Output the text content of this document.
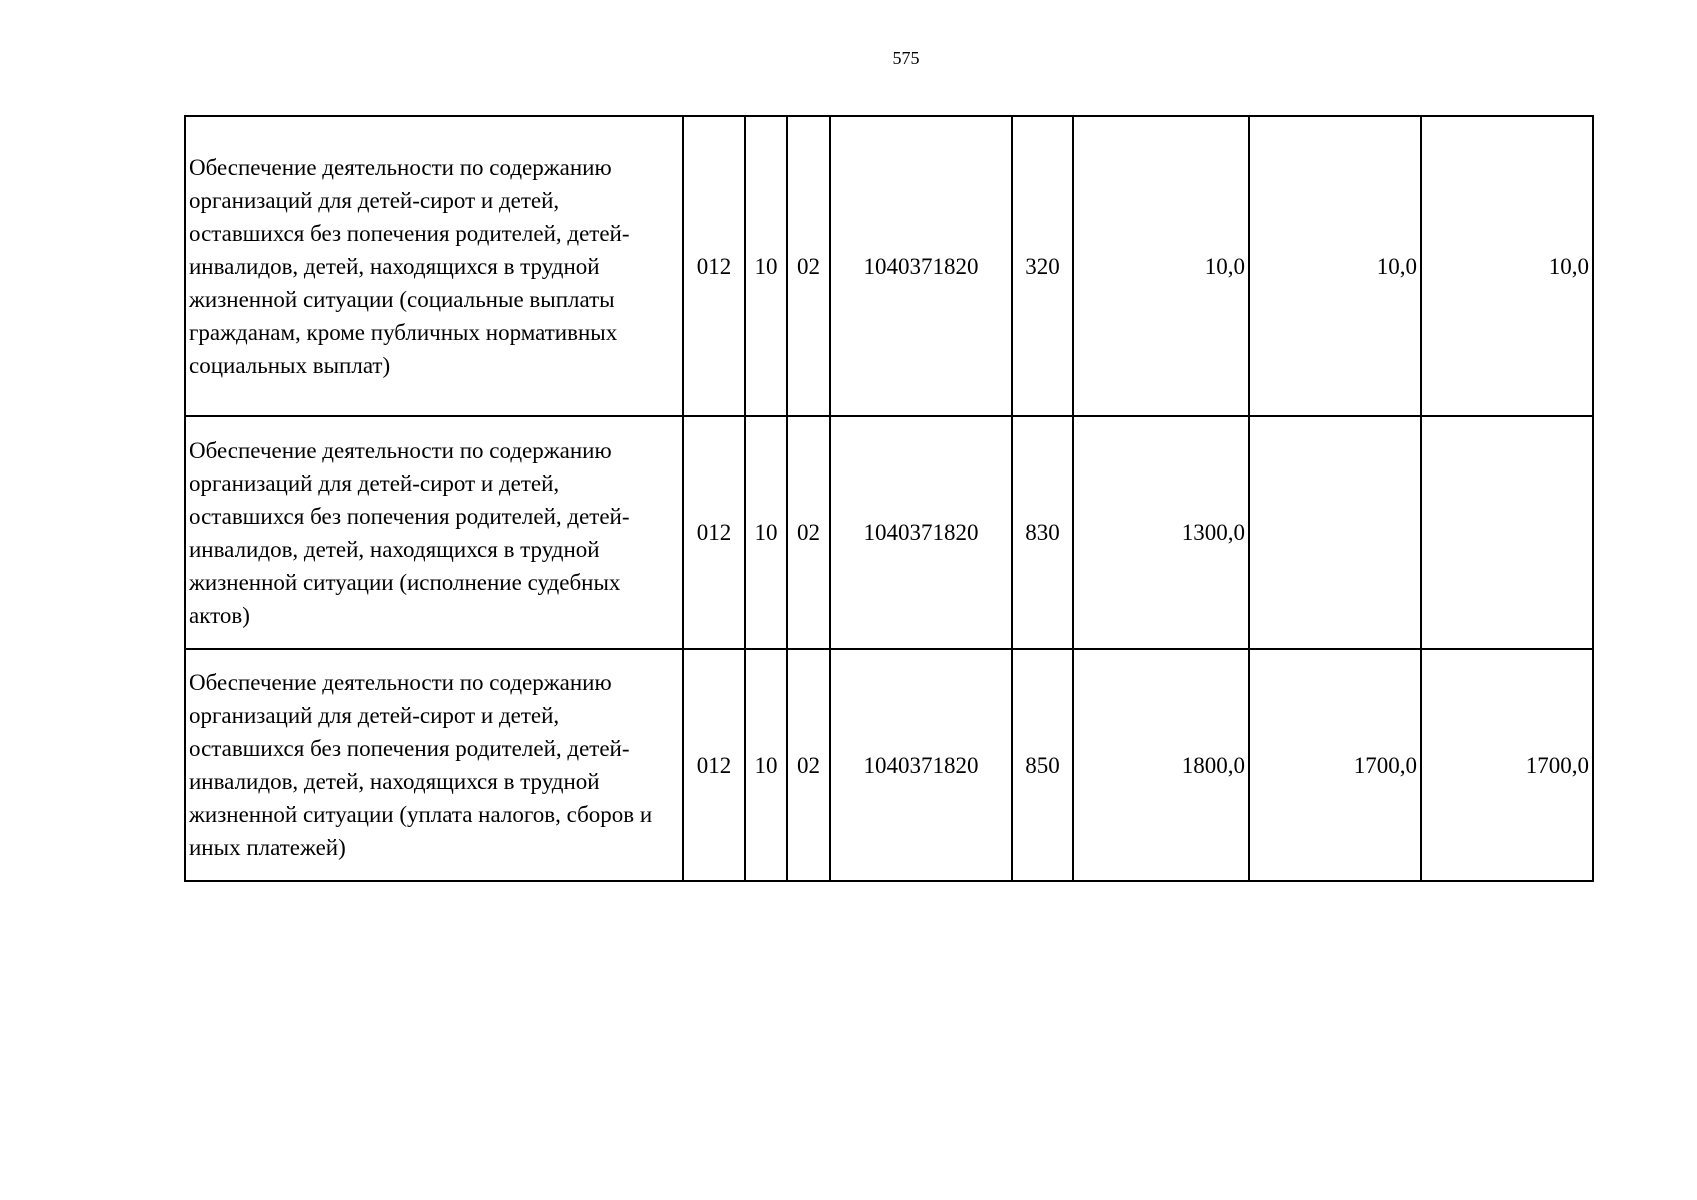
575
Обеспечение деятельности по содержанию организаций для детей-сирот и детей, оставшихся без попечения родителей, детей-инвалидов, детей, находящихся в трудной жизненной ситуации (социальные выплаты гражданам, кроме публичных нормативных социальных выплат)	012	10	02	1040371820	320	10,0	10,0	10,0
Обеспечение деятельности по содержанию организаций для детей-сирот и детей, оставшихся без попечения родителей, детей-инвалидов, детей, находящихся в трудной жизненной ситуации (исполнение судебных актов)	012	10	02	1040371820	830	1300,0		
Обеспечение деятельности по содержанию организаций для детей-сирот и детей, оставшихся без попечения родителей, детей-инвалидов, детей, находящихся в трудной жизненной ситуации (уплата налогов, сборов и иных платежей)	012	10	02	1040371820	850	1800,0	1700,0	1700,0
